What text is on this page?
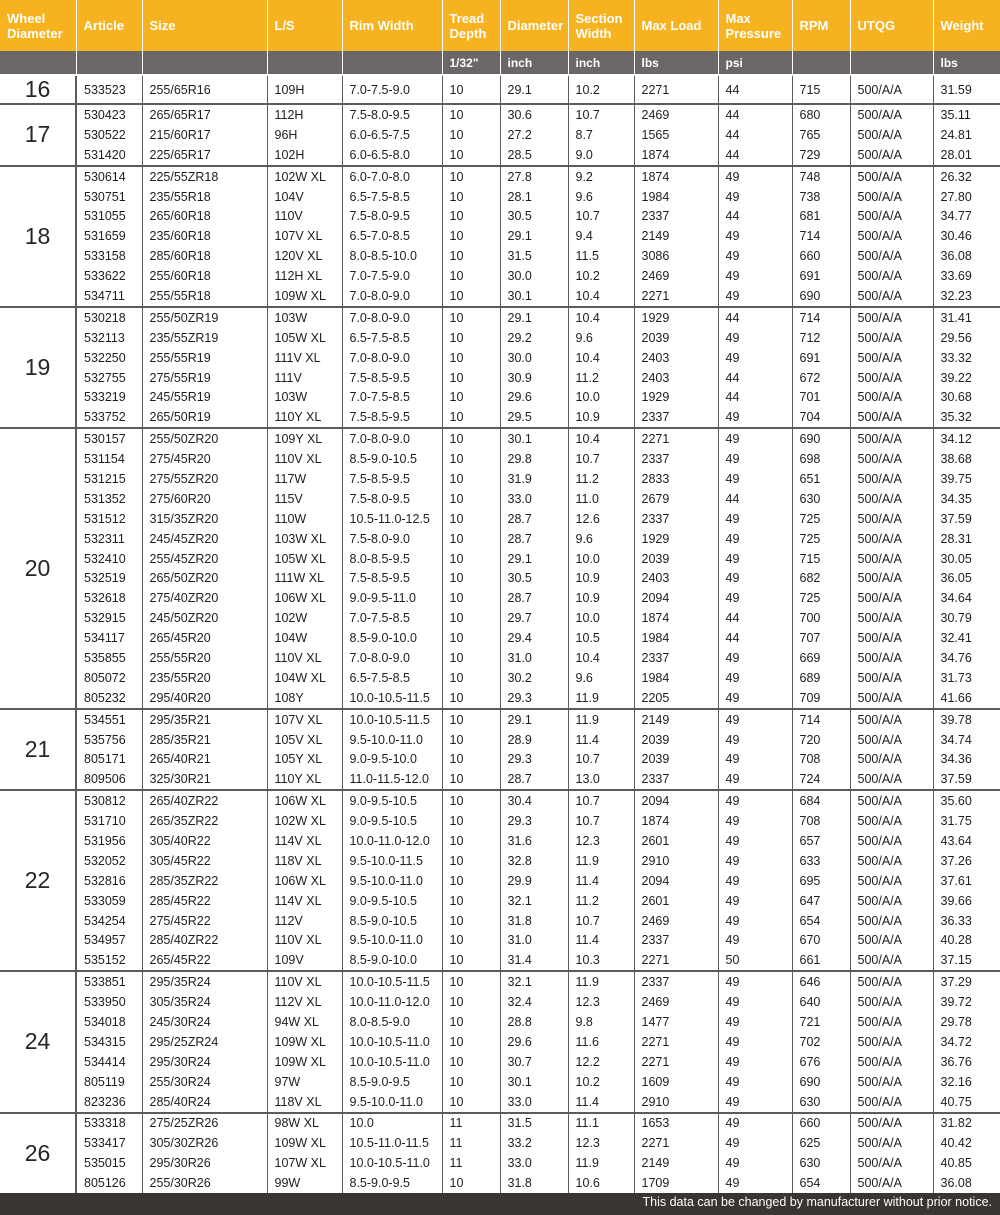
Wheel Diameter	Article	Size	L/S	Rim Width	Tread Depth	Diameter	Section Width	Max Load	Max Pressure	RPM	UTQG	Weight
					1/32"	inch	inch	lbs	psi			lbs
16	533523	255/65R16	109H	7.0-7.5-9.0	10	29.1	10.2	2271	44	715	500/A/A	31.59
17	530423	265/65R17	112H	7.5-8.0-9.5	10	30.6	10.7	2469	44	680	500/A/A	35.11
	530522	215/60R17	96H	6.0-6.5-7.5	10	27.2	8.7	1565	44	765	500/A/A	24.81
	531420	225/65R17	102H	6.0-6.5-8.0	10	28.5	9.0	1874	44	729	500/A/A	28.01
18	530614	225/55ZR18	102W XL	6.0-7.0-8.0	10	27.8	9.2	1874	49	748	500/A/A	26.32
	530751	235/55R18	104V	6.5-7.5-8.5	10	28.1	9.6	1984	49	738	500/A/A	27.80
	531055	265/60R18	110V	7.5-8.0-9.5	10	30.5	10.7	2337	44	681	500/A/A	34.77
	531659	235/60R18	107V XL	6.5-7.0-8.5	10	29.1	9.4	2149	49	714	500/A/A	30.46
	533158	285/60R18	120V XL	8.0-8.5-10.0	10	31.5	11.5	3086	49	660	500/A/A	36.08
	533622	255/60R18	112H XL	7.0-7.5-9.0	10	30.0	10.2	2469	49	691	500/A/A	33.69
	534711	255/55R18	109W XL	7.0-8.0-9.0	10	30.1	10.4	2271	49	690	500/A/A	32.23
19	530218	255/50ZR19	103W	7.0-8.0-9.0	10	29.1	10.4	1929	44	714	500/A/A	31.41
	532113	235/55ZR19	105W XL	6.5-7.5-8.5	10	29.2	9.6	2039	49	712	500/A/A	29.56
	532250	255/55R19	111V XL	7.0-8.0-9.0	10	30.0	10.4	2403	49	691	500/A/A	33.32
	532755	275/55R19	111V	7.5-8.5-9.5	10	30.9	11.2	2403	44	672	500/A/A	39.22
	533219	245/55R19	103W	7.0-7.5-8.5	10	29.6	10.0	1929	44	701	500/A/A	30.68
	533752	265/50R19	110Y XL	7.5-8.5-9.5	10	29.5	10.9	2337	49	704	500/A/A	35.32
20	530157	255/50ZR20	109Y XL	7.0-8.0-9.0	10	30.1	10.4	2271	49	690	500/A/A	34.12
	531154	275/45R20	110V XL	8.5-9.0-10.5	10	29.8	10.7	2337	49	698	500/A/A	38.68
	531215	275/55ZR20	117W	7.5-8.5-9.5	10	31.9	11.2	2833	49	651	500/A/A	39.75
	531352	275/60R20	115V	7.5-8.0-9.5	10	33.0	11.0	2679	44	630	500/A/A	34.35
	531512	315/35ZR20	110W	10.5-11.0-12.5	10	28.7	12.6	2337	49	725	500/A/A	37.59
	532311	245/45ZR20	103W XL	7.5-8.0-9.0	10	28.7	9.6	1929	49	725	500/A/A	28.31
	532410	255/45ZR20	105W XL	8.0-8.5-9.5	10	29.1	10.0	2039	49	715	500/A/A	30.05
	532519	265/50ZR20	111W XL	7.5-8.5-9.5	10	30.5	10.9	2403	49	682	500/A/A	36.05
	532618	275/40ZR20	106W XL	9.0-9.5-11.0	10	28.7	10.9	2094	49	725	500/A/A	34.64
	532915	245/50ZR20	102W	7.0-7.5-8.5	10	29.7	10.0	1874	44	700	500/A/A	30.79
	534117	265/45R20	104W	8.5-9.0-10.0	10	29.4	10.5	1984	44	707	500/A/A	32.41
	535855	255/55R20	110V XL	7.0-8.0-9.0	10	31.0	10.4	2337	49	669	500/A/A	34.76
	805072	235/55R20	104W XL	6.5-7.5-8.5	10	30.2	9.6	1984	49	689	500/A/A	31.73
	805232	295/40R20	108Y	10.0-10.5-11.5	10	29.3	11.9	2205	49	709	500/A/A	41.66
21	534551	295/35R21	107V XL	10.0-10.5-11.5	10	29.1	11.9	2149	49	714	500/A/A	39.78
	535756	285/35R21	105V XL	9.5-10.0-11.0	10	28.9	11.4	2039	49	720	500/A/A	34.74
	805171	265/40R21	105Y XL	9.0-9.5-10.0	10	29.3	10.7	2039	49	708	500/A/A	34.36
	809506	325/30R21	110Y XL	11.0-11.5-12.0	10	28.7	13.0	2337	49	724	500/A/A	37.59
22	530812	265/40ZR22	106W XL	9.0-9.5-10.5	10	30.4	10.7	2094	49	684	500/A/A	35.60
	531710	265/35ZR22	102W XL	9.0-9.5-10.5	10	29.3	10.7	1874	49	708	500/A/A	31.75
	531956	305/40R22	114V XL	10.0-11.0-12.0	10	31.6	12.3	2601	49	657	500/A/A	43.64
	532052	305/45R22	118V XL	9.5-10.0-11.5	10	32.8	11.9	2910	49	633	500/A/A	37.26
	532816	285/35ZR22	106W XL	9.5-10.0-11.0	10	29.9	11.4	2094	49	695	500/A/A	37.61
	533059	285/45R22	114V XL	9.0-9.5-10.5	10	32.1	11.2	2601	49	647	500/A/A	39.66
	534254	275/45R22	112V	8.5-9.0-10.5	10	31.8	10.7	2469	49	654	500/A/A	36.33
	534957	285/40ZR22	110V XL	9.5-10.0-11.0	10	31.0	11.4	2337	49	670	500/A/A	40.28
	535152	265/45R22	109V	8.5-9.0-10.0	10	31.4	10.3	2271	50	661	500/A/A	37.15
24	533851	295/35R24	110V XL	10.0-10.5-11.5	10	32.1	11.9	2337	49	646	500/A/A	37.29
	533950	305/35R24	112V XL	10.0-11.0-12.0	10	32.4	12.3	2469	49	640	500/A/A	39.72
	534018	245/30R24	94W XL	8.0-8.5-9.0	10	28.8	9.8	1477	49	721	500/A/A	29.78
	534315	295/25ZR24	109W XL	10.0-10.5-11.0	10	29.6	11.6	2271	49	702	500/A/A	34.72
	534414	295/30R24	109W XL	10.0-10.5-11.0	10	30.7	12.2	2271	49	676	500/A/A	36.76
	805119	255/30R24	97W	8.5-9.0-9.5	10	30.1	10.2	1609	49	690	500/A/A	32.16
	823236	285/40R24	118V XL	9.5-10.0-11.0	10	33.0	11.4	2910	49	630	500/A/A	40.75
26	533318	275/25ZR26	98W XL	10.0	11	31.5	11.1	1653	49	660	500/A/A	31.82
	533417	305/30ZR26	109W XL	10.5-11.0-11.5	11	33.2	12.3	2271	49	625	500/A/A	40.42
	535015	295/30R26	107W XL	10.0-10.5-11.0	11	33.0	11.9	2149	49	630	500/A/A	40.85
	805126	255/30R26	99W	8.5-9.0-9.5	10	31.8	10.6	1709	49	654	500/A/A	36.08
This data can be changed by manufacturer without prior notice.
